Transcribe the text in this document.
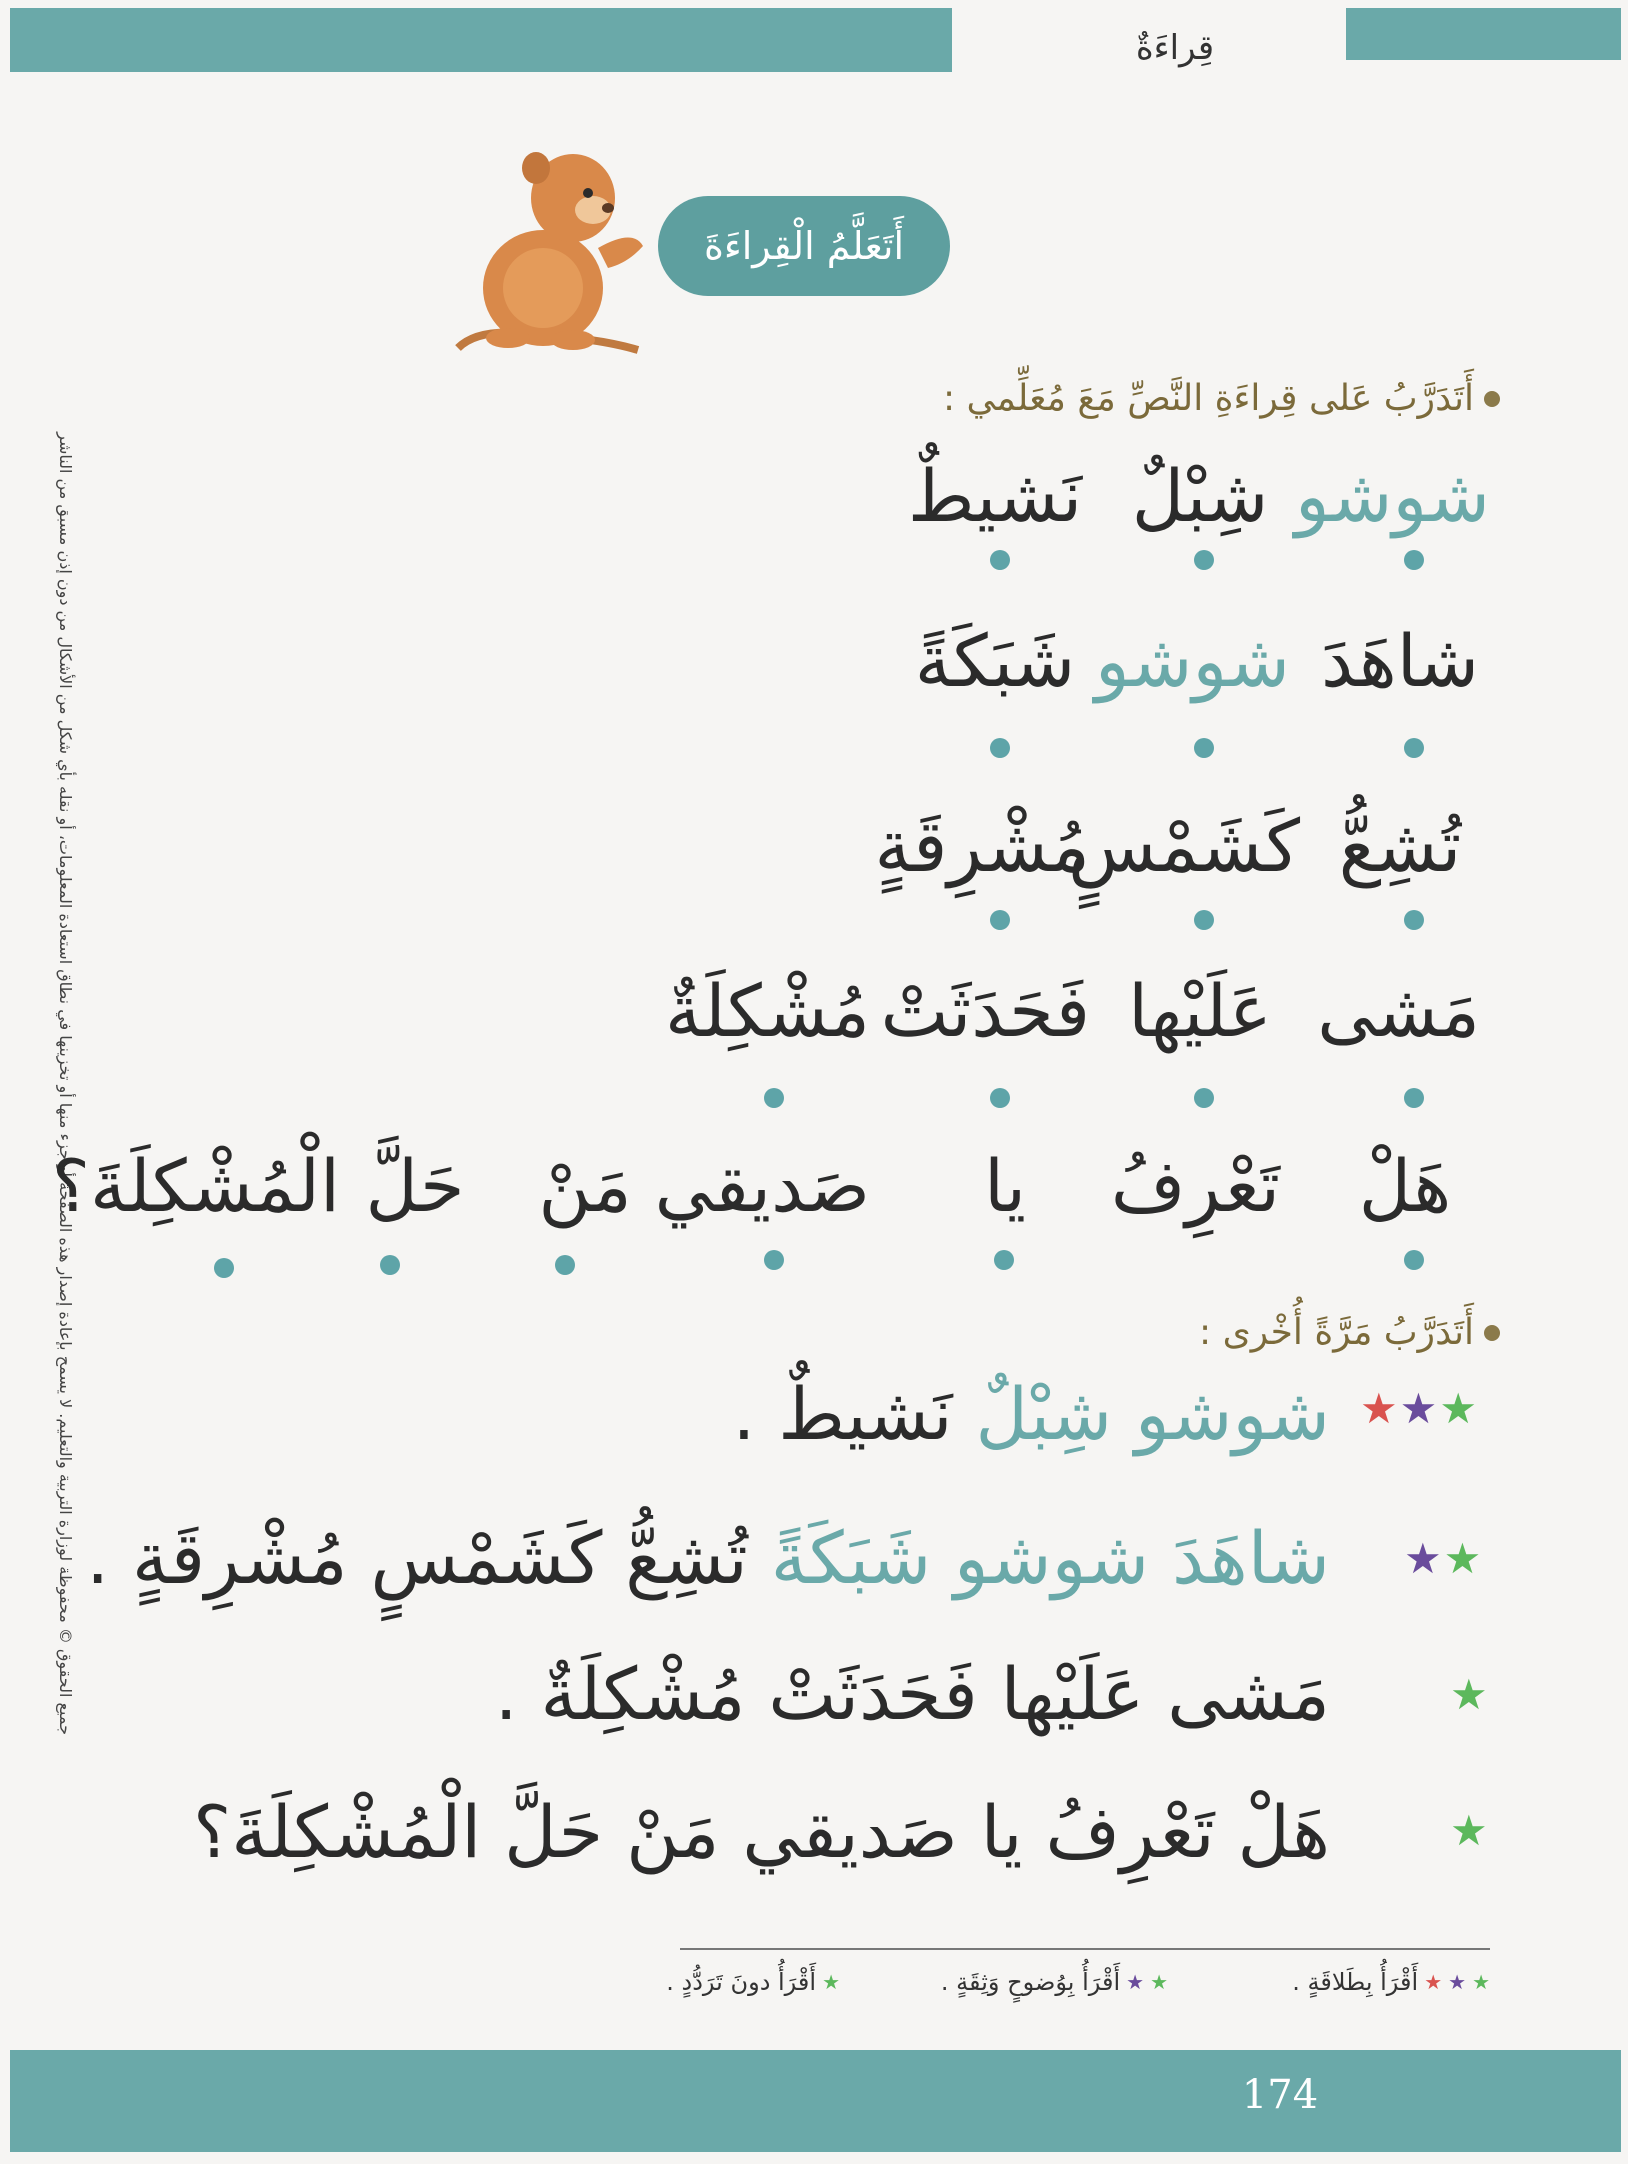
قِراءَةٌ
جميع الحقوق © محفوظة لوزارة التربية والتعليم. لا يسمح بإعادة إصدار هذه الصفحة أو جزء منها أو تخزينها في نطاق استعادة المعلومات، أو نقله بأي شكل من الأشكال من دون إذن مسبق من الناشر
أَتَعَلَّمُ الْقِراءَةَ
أَتَدَرَّبُ عَلى قِراءَةِ النَّصِّ مَعَ مُعَلِّمي :
شوشو
شِبْلٌ
نَشيطٌ
شاهَدَ
شوشو
شَبَكَةً
تُشِعُّ
كَشَمْسٍ
مُشْرِقَةٍ
مَشى
عَلَيْها
فَحَدَثَتْ
مُشْكِلَةٌ
هَلْ
تَعْرِفُ
يا
صَديقي
مَنْ
حَلَّ
الْمُشْكِلَةَ؟
أَتَدَرَّبُ مَرَّةً أُخْرى :
★ ★ ★
شوشو شِبْلٌ نَشيطٌ .
★ ★
شاهَدَ شوشو شَبَكَةً تُشِعُّ كَشَمْسٍ مُشْرِقَةٍ .
★
مَشى عَلَيْها فَحَدَثَتْ مُشْكِلَةٌ .
★
هَلْ تَعْرِفُ يا صَديقي مَنْ حَلَّ الْمُشْكِلَةَ؟
★
★
★
أَقْرَأُ بِطَلاقَةٍ .
★
★
أَقْرَأُ بِوُضوحٍ وَثِقَةٍ .
★
أَقْرَأُ دونَ تَرَدُّدٍ .
174
